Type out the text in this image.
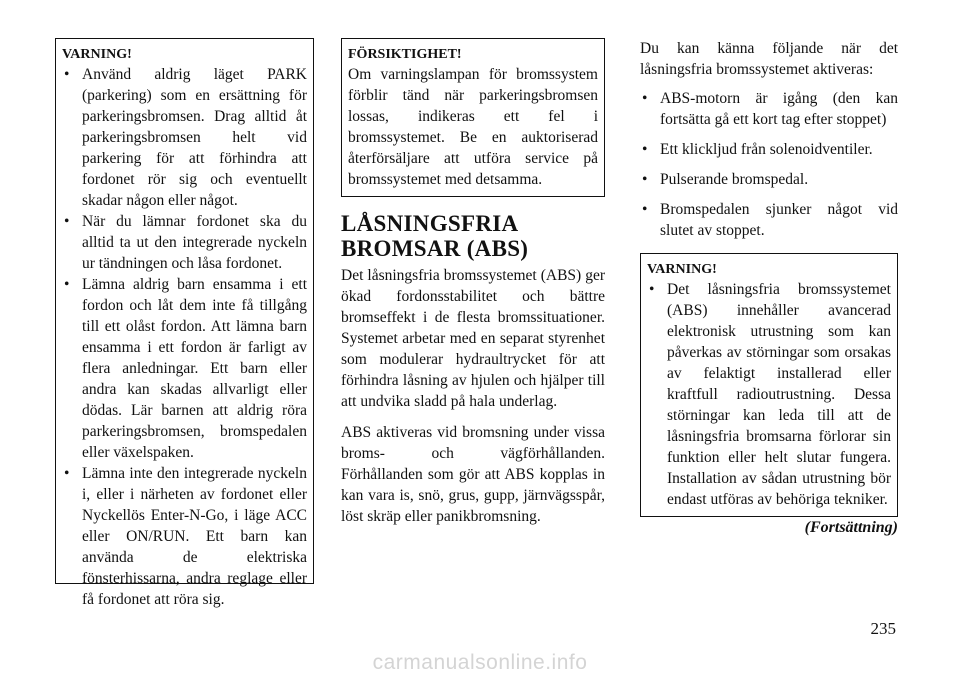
VARNING!

• Använd aldrig läget PARK (parkering) som en ersättning för parkeringsbromsen. Drag alltid åt parkeringsbromsen helt vid parkering för att förhindra att fordonet rör sig och eventuellt skadar någon eller något.
• När du lämnar fordonet ska du alltid ta ut den integrerade nyckeln ur tändningen och låsa fordonet.
• Lämna aldrig barn ensamma i ett fordon och låt dem inte få tillgång till ett olåst fordon. Att lämna barn ensamma i ett fordon är farligt av flera anledningar. Ett barn eller andra kan skadas allvarligt eller dödas. Lär barnen att aldrig röra parkeringsbromsen, bromspedalen eller växelspaken.
• Lämna inte den integrerade nyckeln i, eller i närheten av fordonet eller Nyckellös Enter-N-Go, i läge ACC eller ON/RUN. Ett barn kan använda de elektriska fönsterhissarna, andra reglage eller få fordonet att röra sig.

FÖRSIKTIGHET!

Om varningslampan för bromssystem förblir tänd när parkeringsbromsen lossas, indikeras ett fel i bromssystemet. Be en auktoriserad återförsäljare att utföra service på bromssystemet med detsamma.

LÅSNINGSFRIA BROMSAR (ABS)

Det låsningsfria bromssystemet (ABS) ger ökad fordonsstabilitet och bättre bromseffekt i de flesta bromssituationer. Systemet arbetar med en separat styrenhet som modulerar hydraultrycket för att förhindra låsning av hjulen och hjälper till att undvika sladd på hala underlag.

ABS aktiveras vid bromsning under vissa broms- och vägförhållanden. Förhållanden som gör att ABS kopplas in kan vara is, snö, grus, gupp, järnvägsspår, löst skräp eller panikbromsning.

Du kan känna följande när det låsningsfria bromssystemet aktiveras:

• ABS-motorn är igång (den kan fortsätta gå ett kort tag efter stoppet)
• Ett klickljud från solenoidventiler.
• Pulserande bromspedal.
• Bromspedalen sjunker något vid slutet av stoppet.

VARNING!

• Det låsningsfria bromssystemet (ABS) innehåller avancerad elektronisk utrustning som kan påverkas av störningar som orsakas av felaktigt installerad eller kraftfull radioutrustning. Dessa störningar kan leda till att de låsningsfria bromsarna förlorar sin funktion eller helt slutar fungera. Installation av sådan utrustning bör endast utföras av behöriga tekniker.
(Fortsättning)
235
carmanualsonline.info
